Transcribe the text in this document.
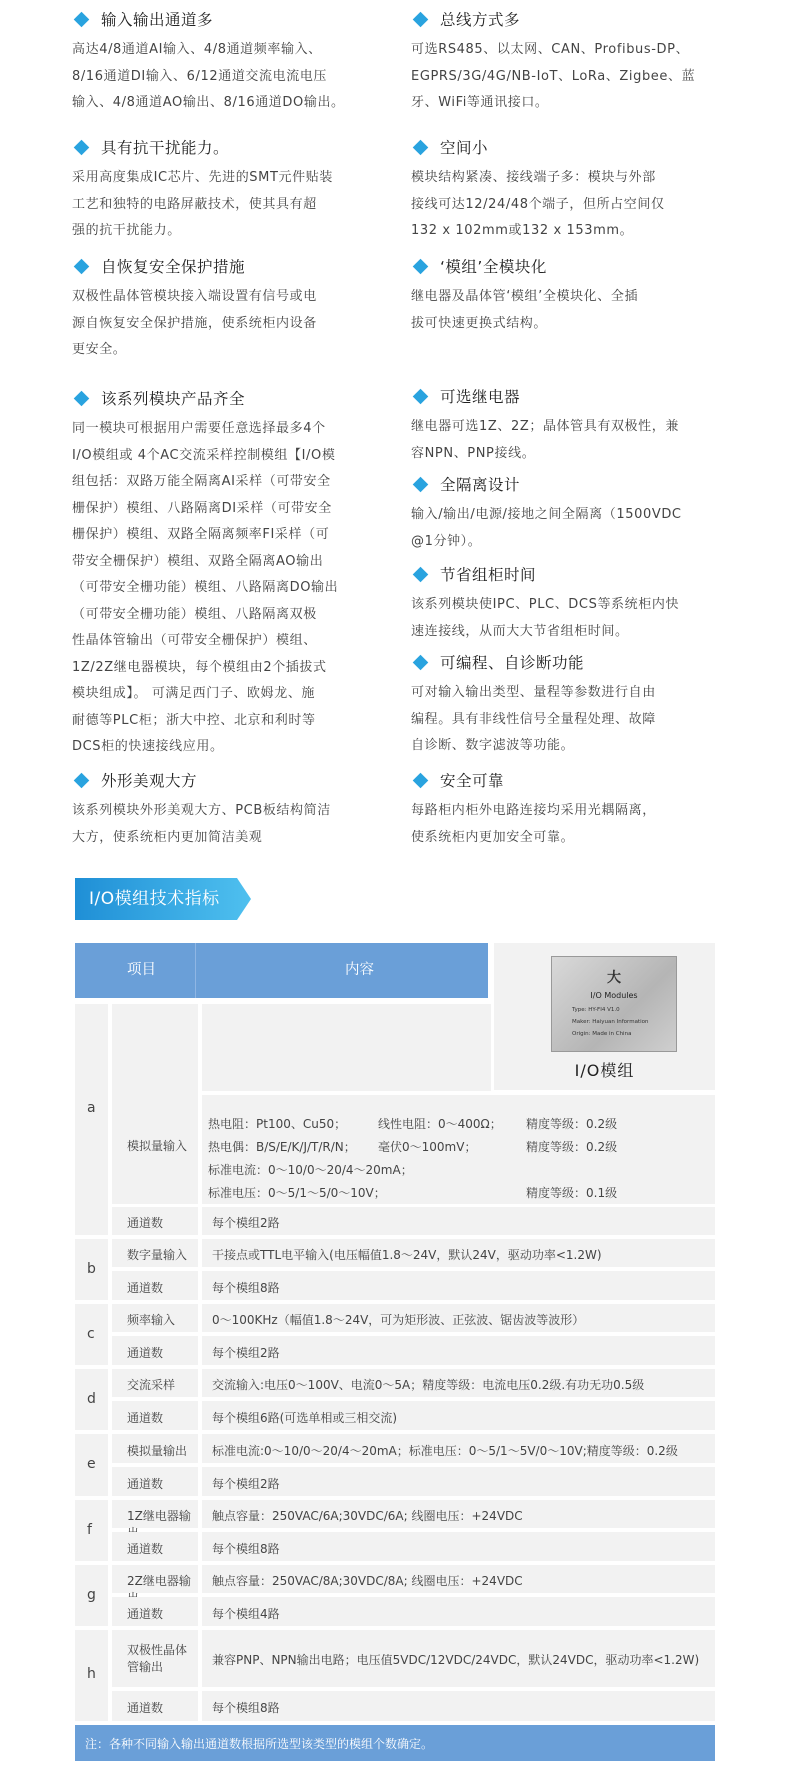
输入输出通道多
高达4/8通道AI输入、4/8通道频率输入、
8/16通道DI输入、6/12通道交流电流电压
输入、4/8通道AO输出、8/16通道DO输出。
具有抗干扰能力。
采用高度集成IC芯片、先进的SMT元件贴装
工艺和独特的电路屏蔽技术，使其具有超
强的抗干扰能力。
自恢复安全保护措施
双极性晶体管模块接入端设置有信号或电
源自恢复安全保护措施，使系统柜内设备
更安全。
该系列模块产品齐全
同一模块可根据用户需要任意选择最多4个
I/O模组或 4个AC交流采样控制模组【I/O模
组包括：双路万能全隔离AI采样（可带安全
栅保护）模组、八路隔离DI采样（可带安全
栅保护）模组、双路全隔离频率FI采样（可
带安全栅保护）模组、双路全隔离AO输出
（可带安全栅功能）模组、八路隔离DO输出
（可带安全栅功能）模组、八路隔离双极
性晶体管输出（可带安全栅保护）模组、
1Z/2Z继电器模块，每个模组由2个插拔式
模块组成】。 可满足西门子、欧姆龙、施
耐德等PLC柜；浙大中控、北京和利时等
DCS柜的快速接线应用。
外形美观大方
该系列模块外形美观大方、PCB板结构简洁
大方，使系统柜内更加简洁美观
总线方式多
可选RS485、以太网、CAN、Profibus-DP、
EGPRS/3G/4G/NB-IoT、LoRa、Zigbee、蓝
牙、WiFi等通讯接口。
空间小
模块结构紧凑、接线端子多：模块与外部
接线可达12/24/48个端子，但所占空间仅
132 x 102mm或132 x 153mm。
‘模组’全模块化
继电器及晶体管‘模组’全模块化、全插
拔可快速更换式结构。
可选继电器
继电器可选1Z、2Z；晶体管具有双极性，兼
容NPN、PNP接线。
全隔离设计
输入/输出/电源/接地之间全隔离（1500VDC
@1分钟）。
节省组柜时间
该系列模块使IPC、PLC、DCS等系统柜内快
速连接线，从而大大节省组柜时间。
可编程、自诊断功能
可对输入输出类型、量程等参数进行自由
编程。具有非线性信号全量程处理、故障
自诊断、数字滤波等功能。
安全可靠
每路柜内柜外电路连接均采用光耦隔离，
使系统柜内更加安全可靠。
I/O模组技术指标
项目	内容	大
I/O Modules
Type: HY-FI4 V1.0
Maker: Haiyuan Information
Origin: Made in China
I/O模组
a
模拟量输入
热电阻：Pt100、Cu50；	线性电阻：0～400Ω； 精度等级：0.2级
热电偶：B/S/E/K/J/T/R/N； 毫伏0～100mV；	精度等级：0.2级
标准电流：0～10/0～20/4～20mA；
标准电压：0～5/1～5/0～10V；	精度等级：0.1级
通道数	每个模组2路
b
数字量输入 干接点或TTL电平输入(电压幅值1.8～24V，默认24V，驱动功率<1.2W)
通道数	每个模组8路
c
频率输入	0～100KHz（幅值1.8～24V，可为矩形波、正弦波、锯齿波等波形）
通道数	每个模组2路
d
交流采样	交流输入:电压0～100V、电流0～5A；精度等级：电流电压0.2级.有功无功0.5级
通道数	每个模组6路(可选单相或三相交流)
e
模拟量输出 标准电流:0～10/0～20/4～20mA；标准电压：0～5/1～5V/0～10V;精度等级：0.2级
通道数	每个模组2路
f
1Z继电器输	触点容量：250VAC/6A;30VDC/6A; 线圈电压：+24VDC
通道数	每个模组8路
g
2Z继电器输	触点容量：250VAC/8A;30VDC/8A; 线圈电压：+24VDC
通道数	每个模组4路
h
双极性晶体
管输出	兼容PNP、NPN输出电路；电压值5VDC/12VDC/24VDC，默认24VDC，驱动功率<1.2W)
通道数	每个模组8路
注：各种不同输入输出通道数根据所选型该类型的模组个数确定。
